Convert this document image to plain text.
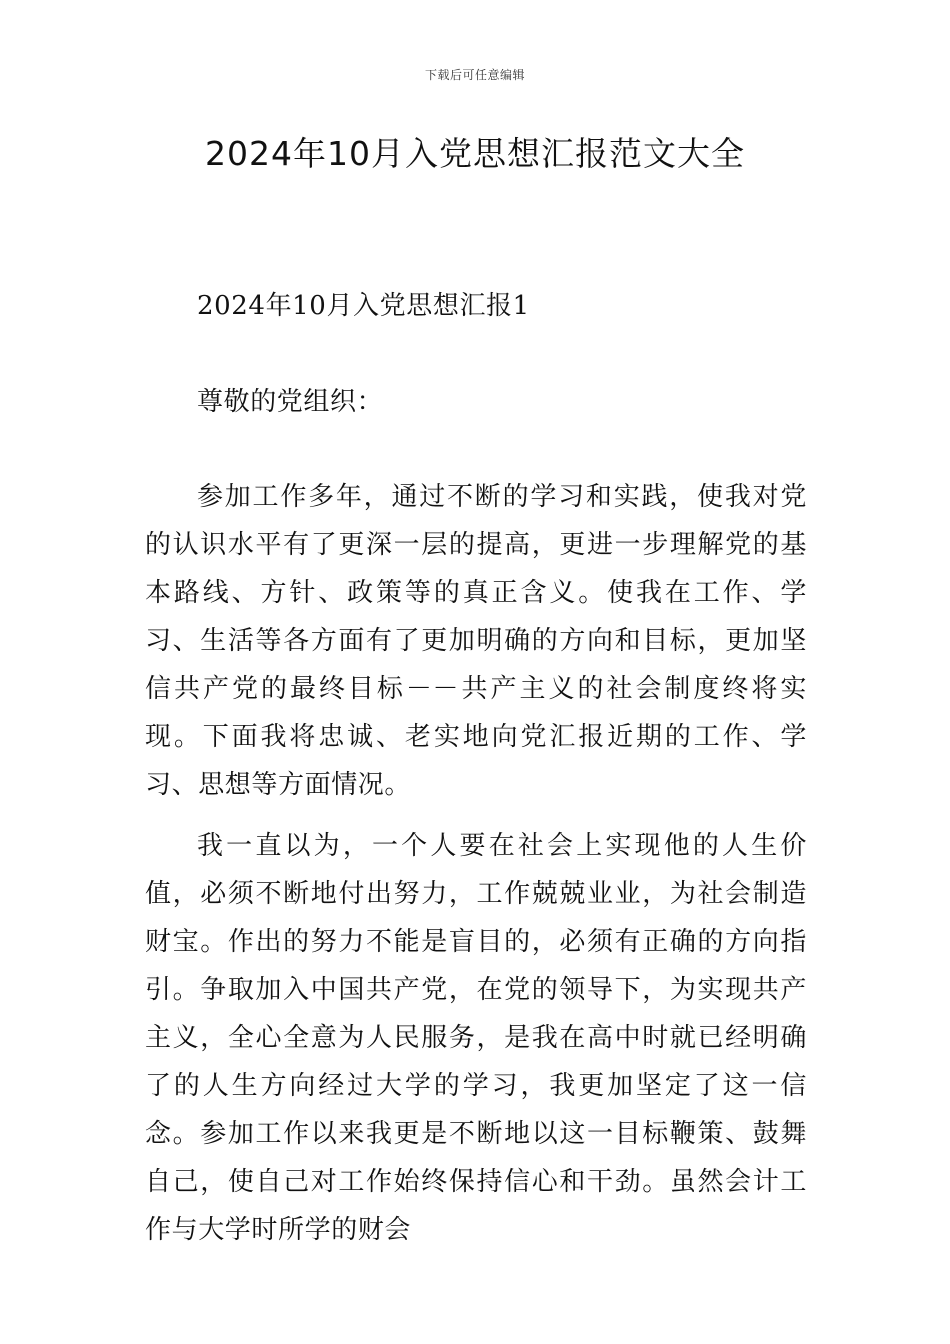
下载后可任意编辑
2024年10月入党思想汇报范文大全

2024年10月入党思想汇报1

尊敬的党组织：

参加工作多年，通过不断的学习和实践，使我对党的认识水平有了更深一层的提高，更进一步理解党的基本路线、方针、政策等的真正含义。使我在工作、学习、生活等各方面有了更加明确的方向和目标，更加坚信共产党的最终目标－－共产主义的社会制度终将实现。下面我将忠诚、老实地向党汇报近期的工作、学习、思想等方面情况。

我一直以为，一个人要在社会上实现他的人生价值，必须不断地付出努力，工作兢兢业业，为社会制造财宝。作出的努力不能是盲目的，必须有正确的方向指引。争取加入中国共产党，在党的领导下，为实现共产主义，全心全意为人民服务，是我在高中时就已经明确了的人生方向经过大学的学习，我更加坚定了这一信念。参加工作以来我更是不断地以这一目标鞭策、鼓舞自己，使自己对工作始终保持信心和干劲。虽然会计工作与大学时所学的财会
